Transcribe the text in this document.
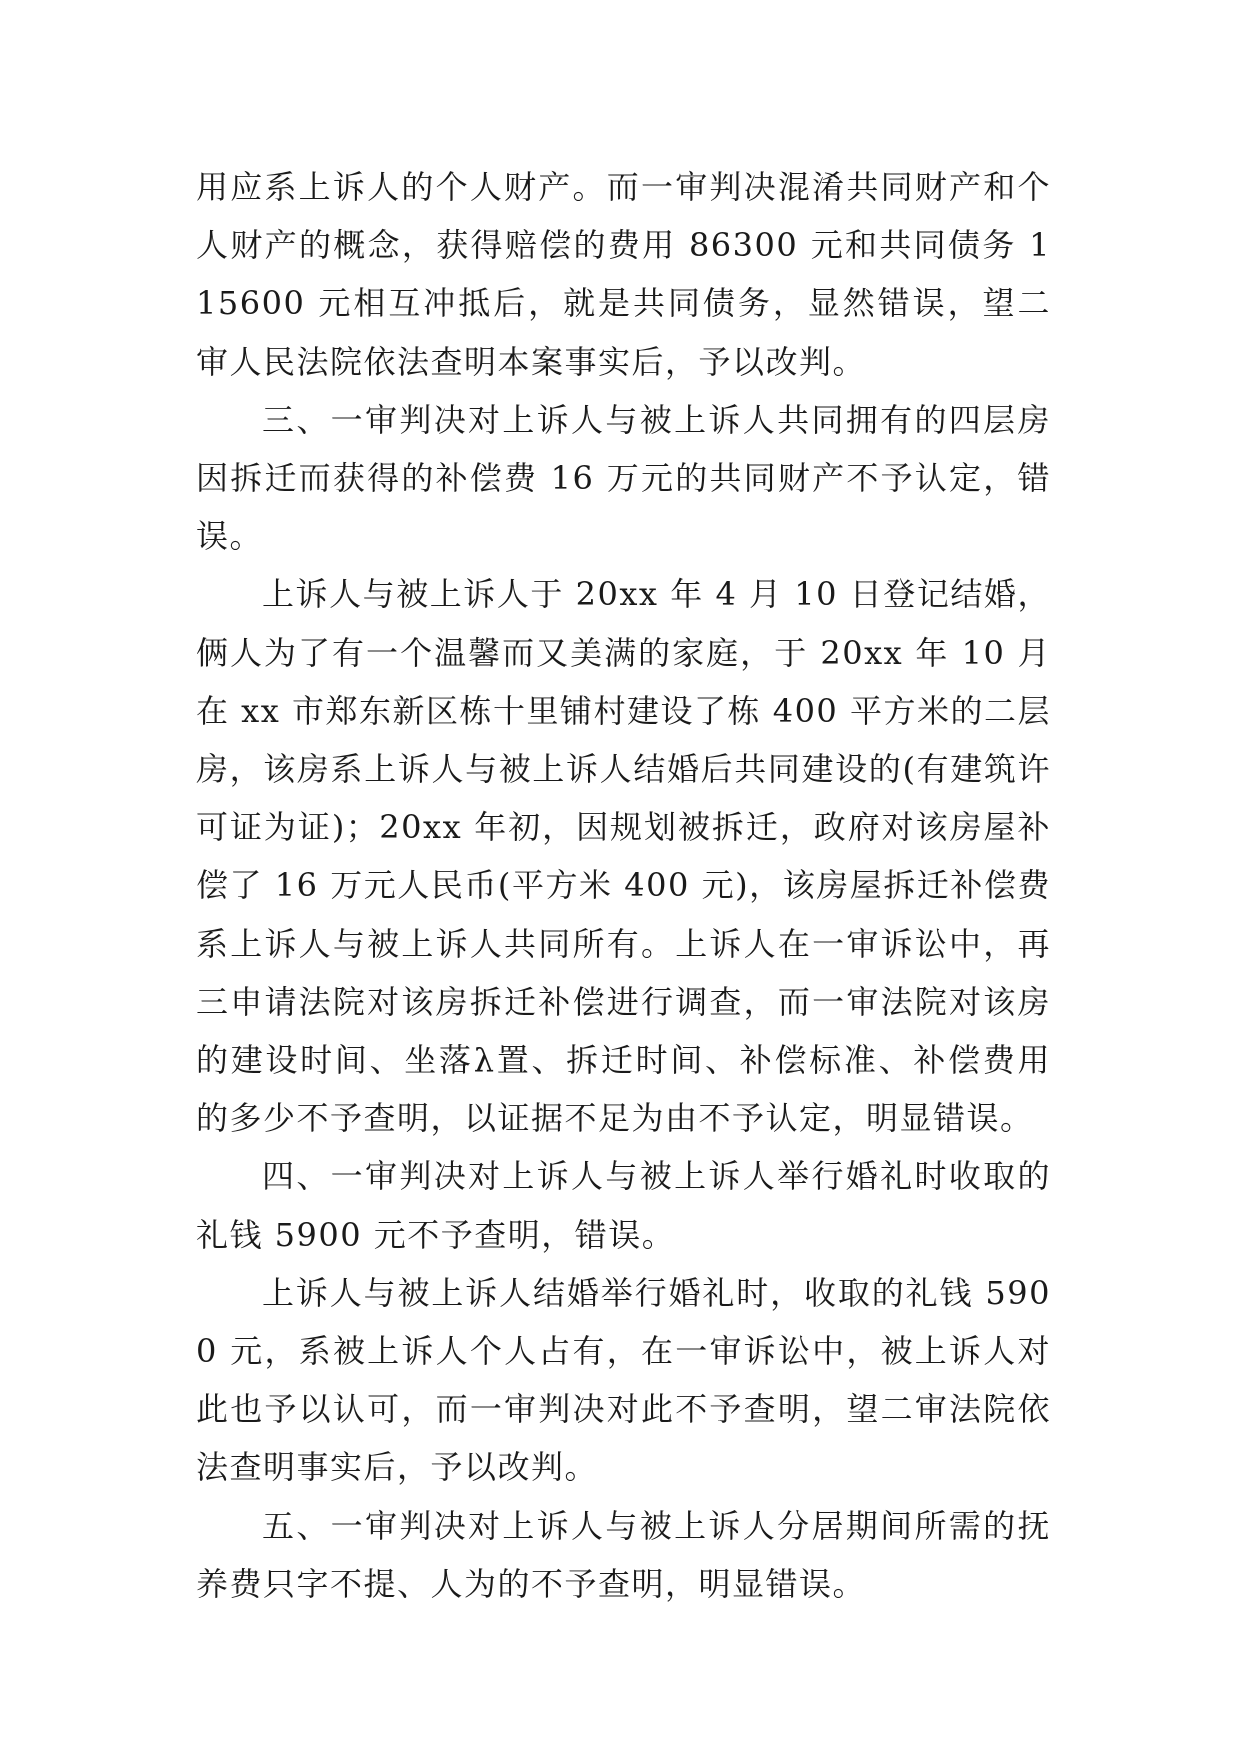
用应系上诉人的个人财产。而一审判决混淆共同财产和个人财产的概念，获得赔偿的费用 86300 元和共同债务 115600 元相互冲抵后，就是共同债务，显然错误，望二审人民法院依法查明本案事实后，予以改判。

三、一审判决对上诉人与被上诉人共同拥有的四层房因拆迁而获得的补偿费 16 万元的共同财产不予认定，错误。

上诉人与被上诉人于 20xx 年 4 月 10 日登记结婚，俩人为了有一个温馨而又美满的家庭，于 20xx 年 10 月在 xx 市郑东新区栋十里铺村建设了栋 400 平方米的二层房，该房系上诉人与被上诉人结婚后共同建设的(有建筑许可证为证)；20xx 年初，因规划被拆迁，政府对该房屋补偿了 16 万元人民币(平方米 400 元)，该房屋拆迁补偿费系上诉人与被上诉人共同所有。上诉人在一审诉讼中，再三申请法院对该房拆迁补偿进行调查，而一审法院对该房的建设时间、坐落λ置、拆迁时间、补偿标准、补偿费用的多少不予查明，以证据不足为由不予认定，明显错误。

四、一审判决对上诉人与被上诉人举行婚礼时收取的礼钱 5900 元不予查明，错误。

上诉人与被上诉人结婚举行婚礼时，收取的礼钱 5900 元，系被上诉人个人占有，在一审诉讼中，被上诉人对此也予以认可，而一审判决对此不予查明，望二审法院依法查明事实后，予以改判。

五、一审判决对上诉人与被上诉人分居期间所需的抚养费只字不提、人为的不予查明，明显错误。
